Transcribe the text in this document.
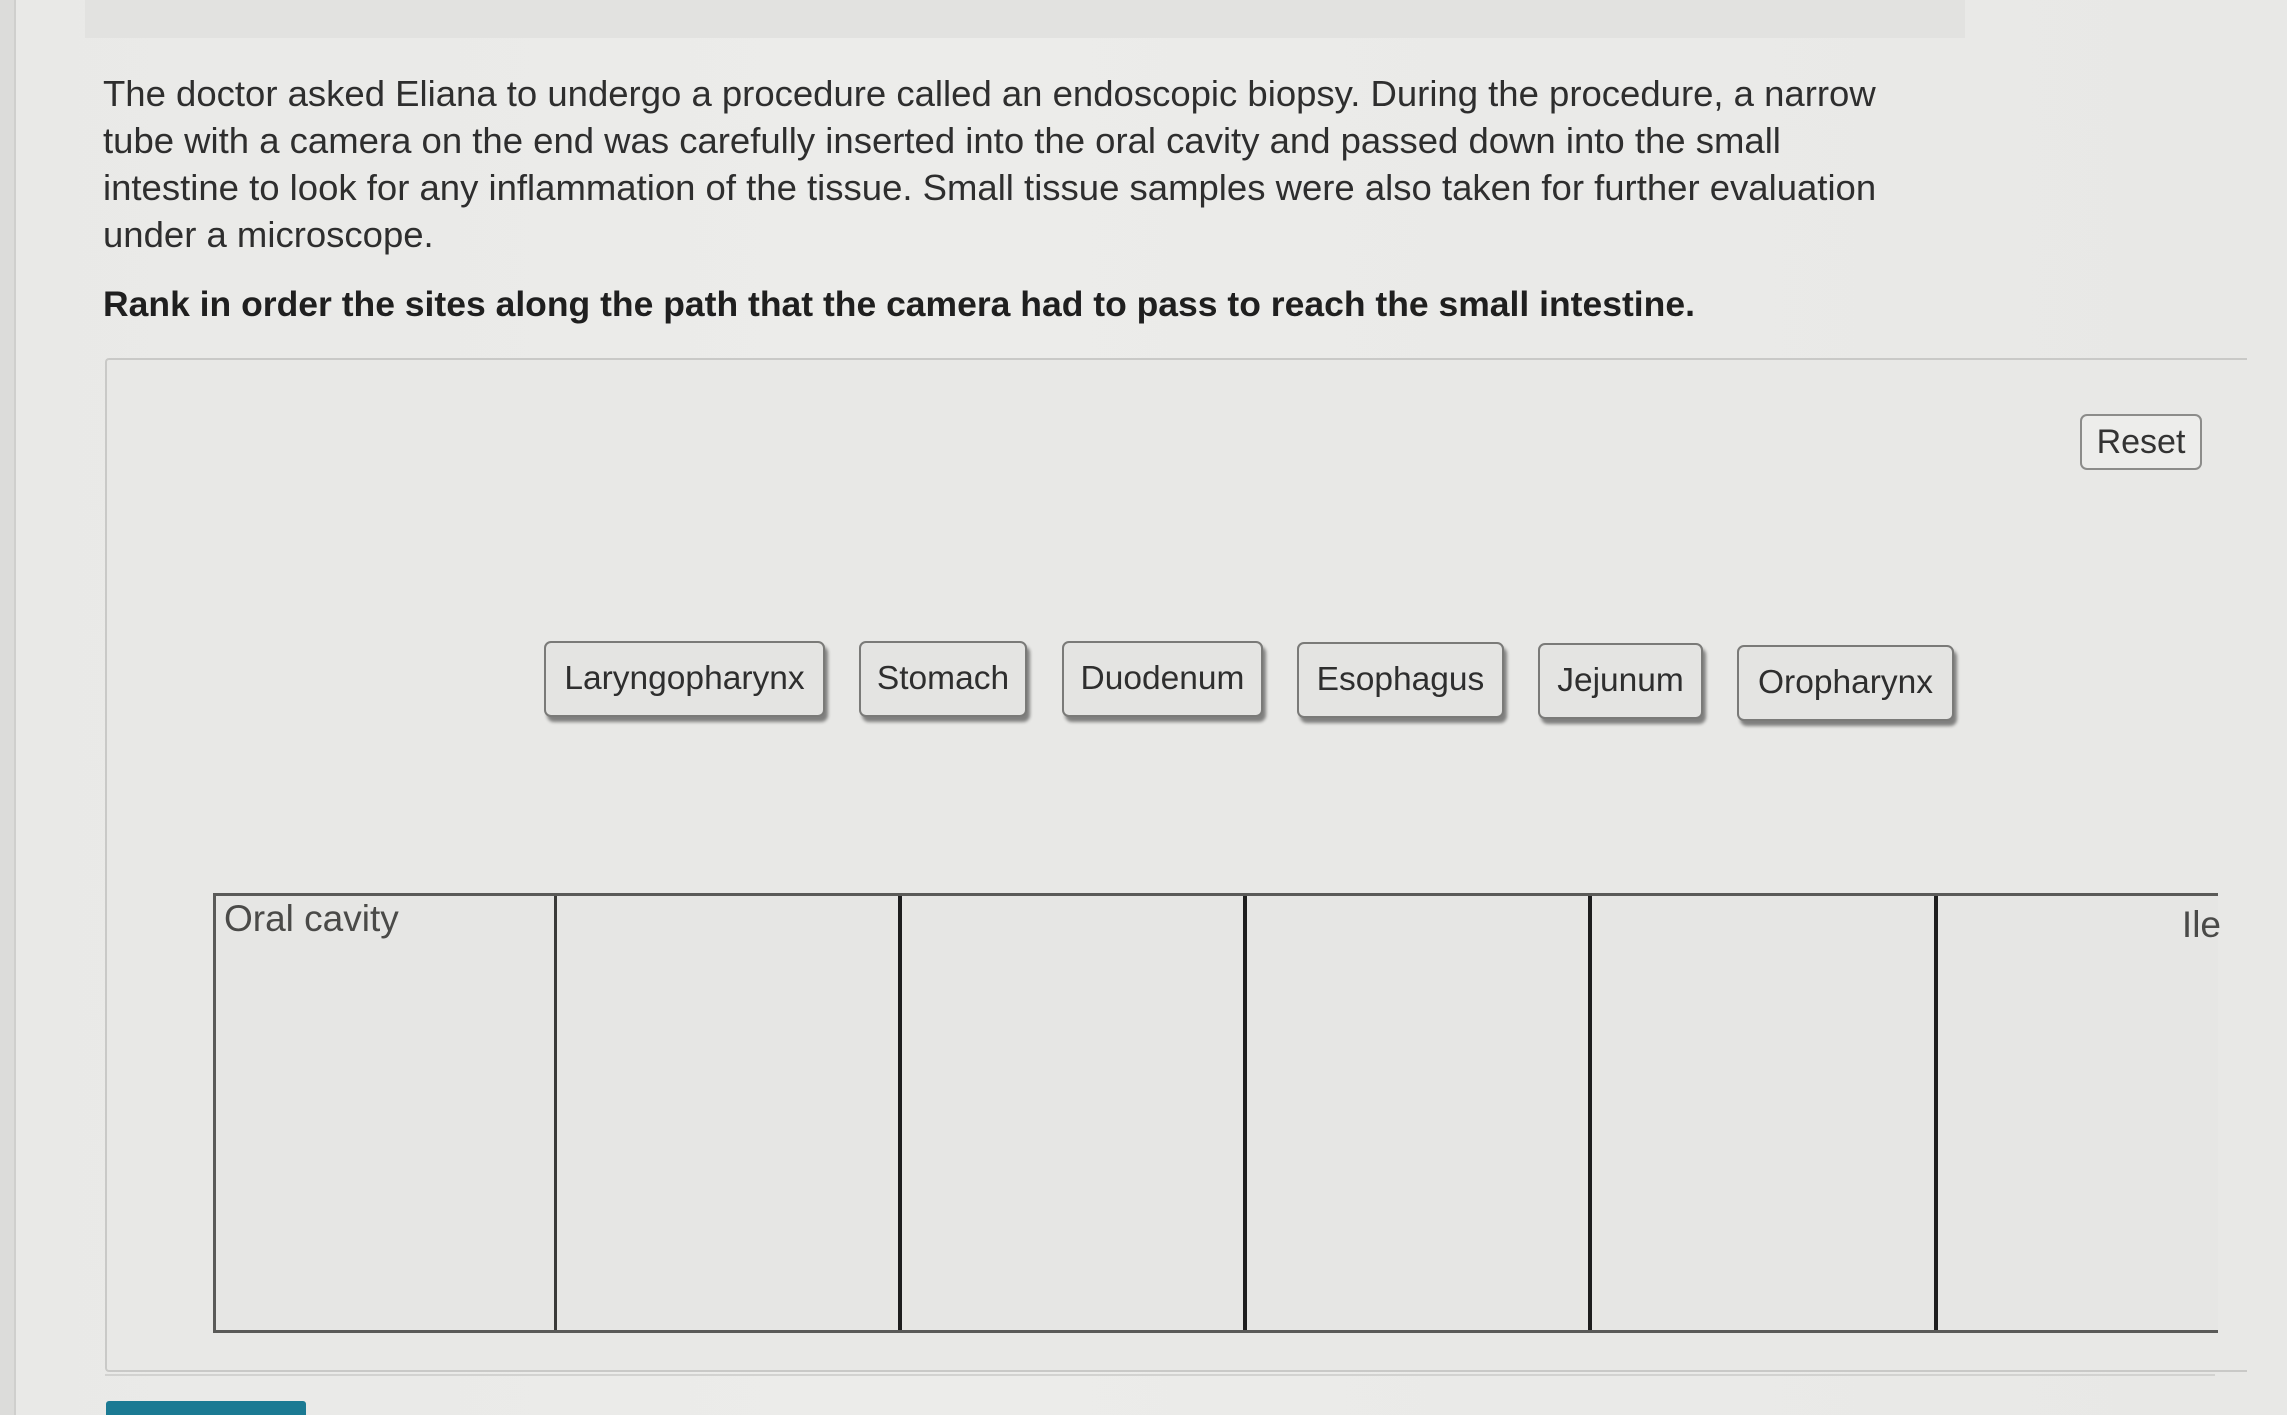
The doctor asked Eliana to undergo a procedure called an endoscopic biopsy. During the procedure, a narrow
tube with a camera on the end was carefully inserted into the oral cavity and passed down into the small
intestine to look for any inflammation of the tissue. Small tissue samples were also taken for further evaluation
under a microscope.
Rank in order the sites along the path that the camera had to pass to reach the small intestine.
Reset
Laryngopharynx	Stomach	Duodenum	Esophagus	Jejunum	Oropharynx
Oral cavity	Ile
